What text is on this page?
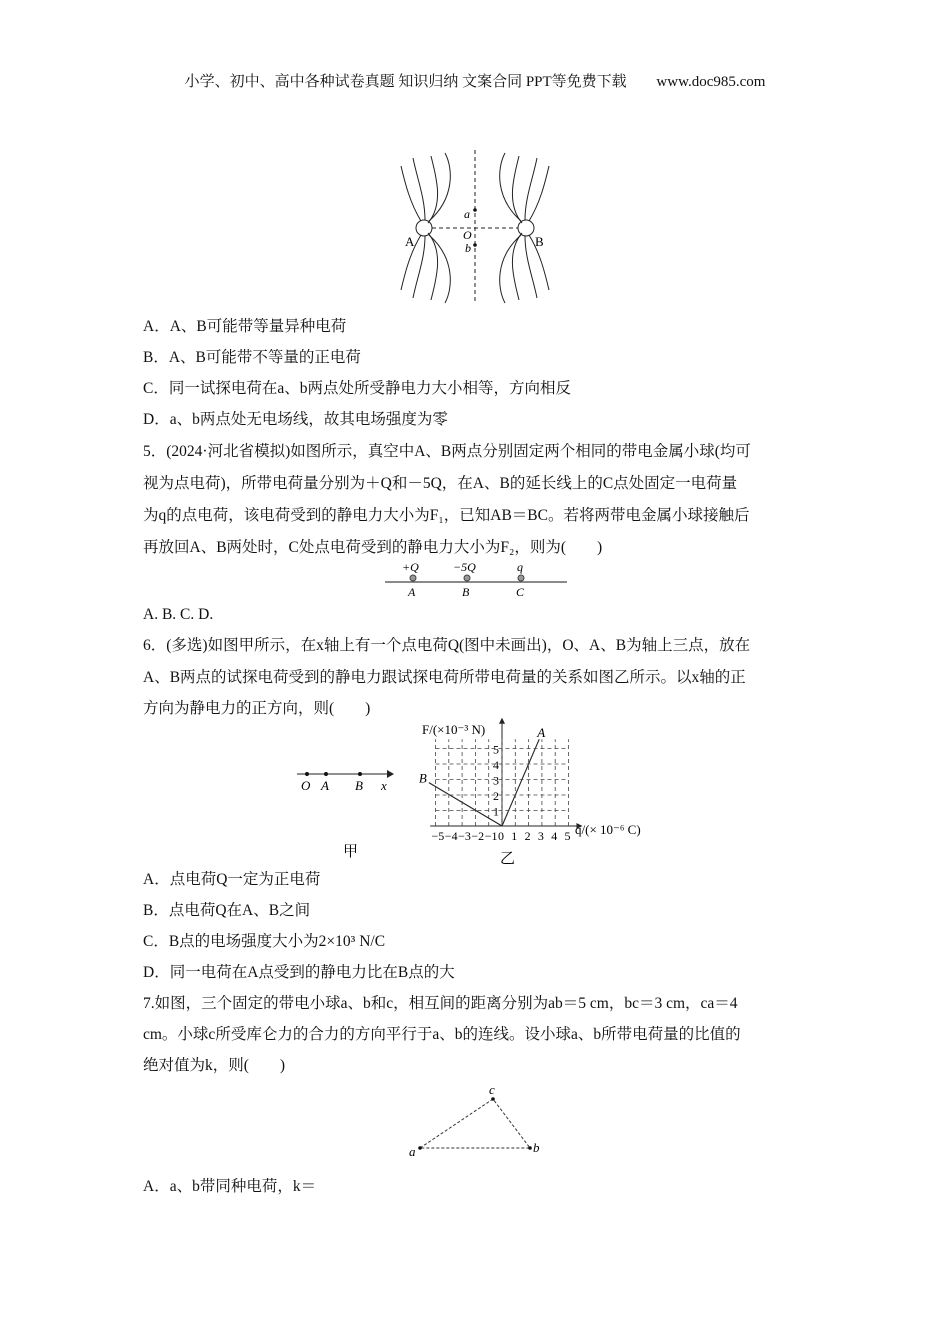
小学、初中、高中各种试卷真题 知识归纳 文案合同 PPT等免费下载 www.doc985.com
A	B
a
O
b
A．A、B可能带等量异种电荷
B．A、B可能带不等量的正电荷
C．同一试探电荷在a、b两点处所受静电力大小相等，方向相反
D．a、b两点处无电场线，故其电场强度为零
5．(2024·河北省模拟)如图所示，真空中A、B两点分别固定两个相同的带电金属小球(均可
视为点电荷)，所带电荷量分别为＋Q和－5Q，在A、B的延长线上的C点处固定一电荷量
为q的点电荷，该电荷受到的静电力大小为F₁，已知AB＝BC。若将两带电金属小球接触后
再放回A、B两处时，C处点电荷受到的静电力大小为F₂，则为(　　)
+Q	−5Q	q
A	B	C
A. B. C. D.
6．(多选)如图甲所示，在x轴上有一个点电荷Q(图中未画出)，O、A、B为轴上三点，放在
A、B两点的试探电荷受到的静电力跟试探电荷所带电荷量的关系如图乙所示。以x轴的正
方向为静电力的正方向，则(　　)
O A B x
甲
B
A
5
4
3
2
1
5
4
3
2
1
0
−1
−2
−3
−4
−5
F/(×10⁻³ N)
q/(× 10⁻⁶ C)
乙
A．点电荷Q一定为正电荷
B．点电荷Q在A、B之间
C．B点的电场强度大小为2×10³ N/C
D．同一电荷在A点受到的静电力比在B点的大
7.如图，三个固定的带电小球a、b和c，相互间的距离分别为ab＝5 cm，bc＝3 cm，ca＝4
cm。小球c所受库仑力的合力的方向平行于a、b的连线。设小球a、b所带电荷量的比值的
绝对值为k，则(　　)
a
c
b
A．a、b带同种电荷，k＝
